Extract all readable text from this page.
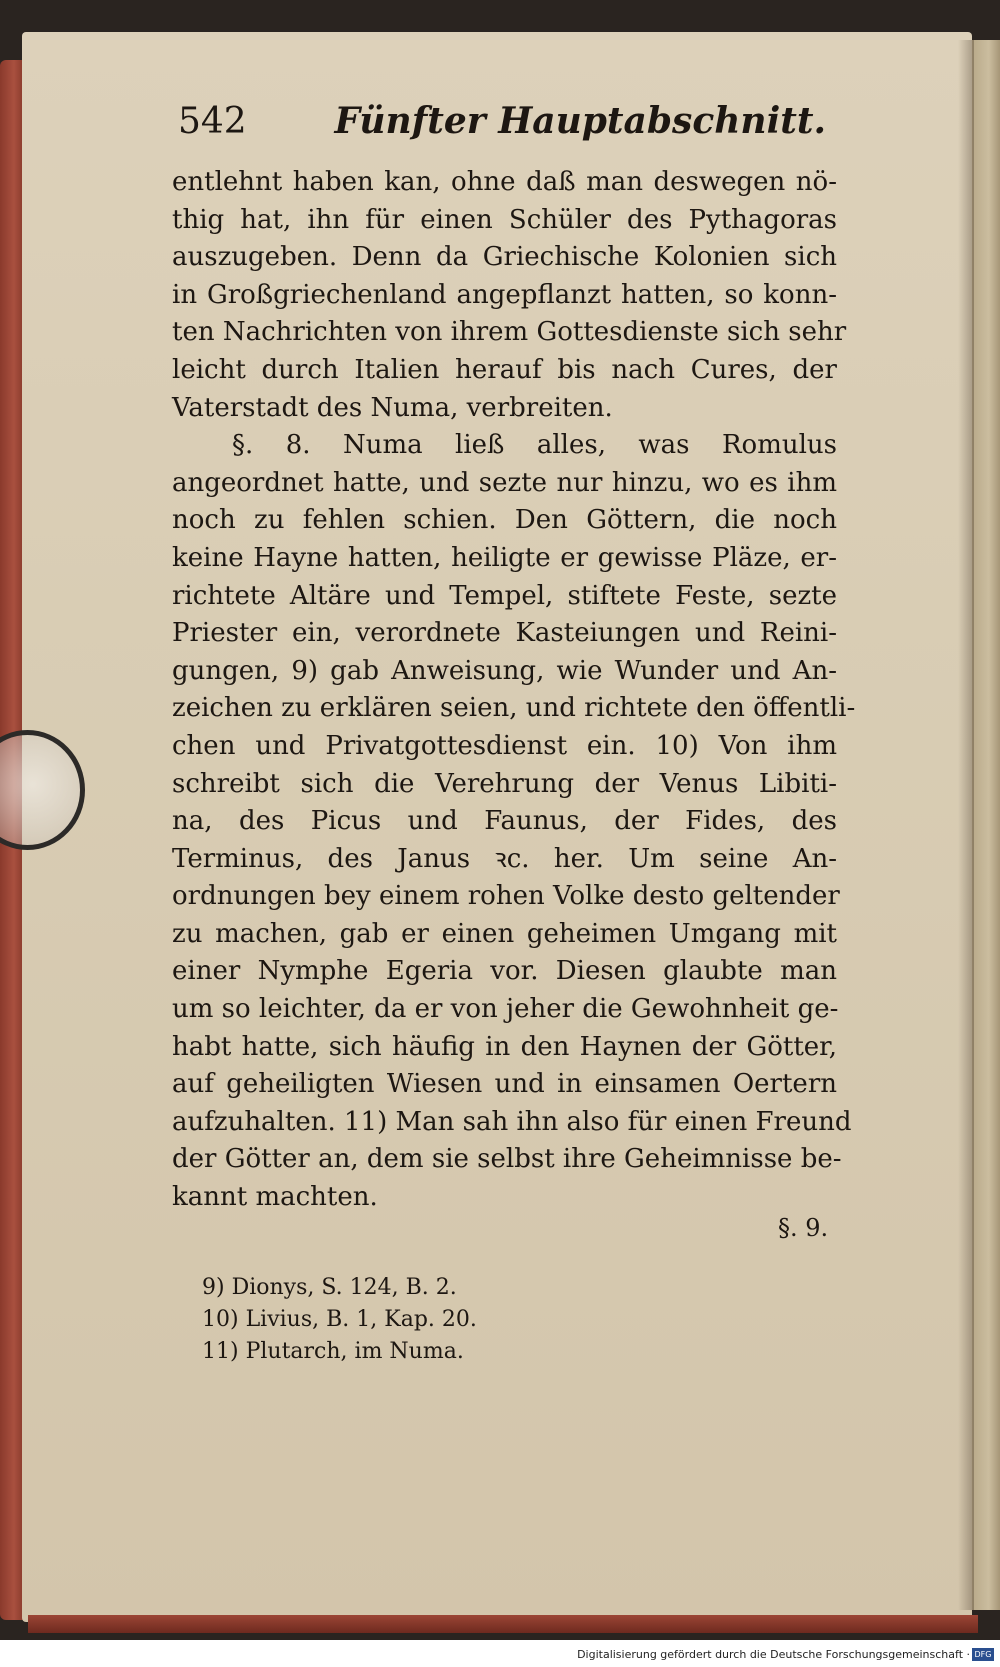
542 Fünfter Hauptabschnitt.
entlehnt haben kan, ohne daß man deswegen nö-
thig hat, ihn für einen Schüler des Pythagoras
auszugeben. Denn da Griechische Kolonien sich
in Großgriechenland angepflanzt hatten, so konn-
ten Nachrichten von ihrem Gottesdienste sich sehr
leicht durch Italien herauf bis nach Cures, der
Vaterstadt des Numa, verbreiten.
§. 8. Numa ließ alles, was Romulus
angeordnet hatte, und sezte nur hinzu, wo es ihm
noch zu fehlen schien. Den Göttern, die noch
keine Hayne hatten, heiligte er gewisse Pläze, er-
richtete Altäre und Tempel, stiftete Feste, sezte
Priester ein, verordnete Kasteiungen und Reini-
gungen, 9) gab Anweisung, wie Wunder und An-
zeichen zu erklären seien, und richtete den öffentli-
chen und Privatgottesdienst ein. 10) Von ihm
schreibt sich die Verehrung der Venus Libiti-
na, des Picus und Faunus, der Fides, des
Terminus, des Janus ꝛc. her. Um seine An-
ordnungen bey einem rohen Volke desto geltender
zu machen, gab er einen geheimen Umgang mit
einer Nymphe Egeria vor. Diesen glaubte man
um so leichter, da er von jeher die Gewohnheit ge-
habt hatte, sich häufig in den Haynen der Götter,
auf geheiligten Wiesen und in einsamen Oertern
aufzuhalten. 11) Man sah ihn also für einen Freund
der Götter an, dem sie selbst ihre Geheimnisse be-
kannt machten.
§. 9.
9) Dionys, S. 124, B. 2.
10) Livius, B. 1, Kap. 20.
11) Plutarch, im Numa.
Digitalisierung gefördert durch die Deutsche Forschungsgemeinschaft · DFG
